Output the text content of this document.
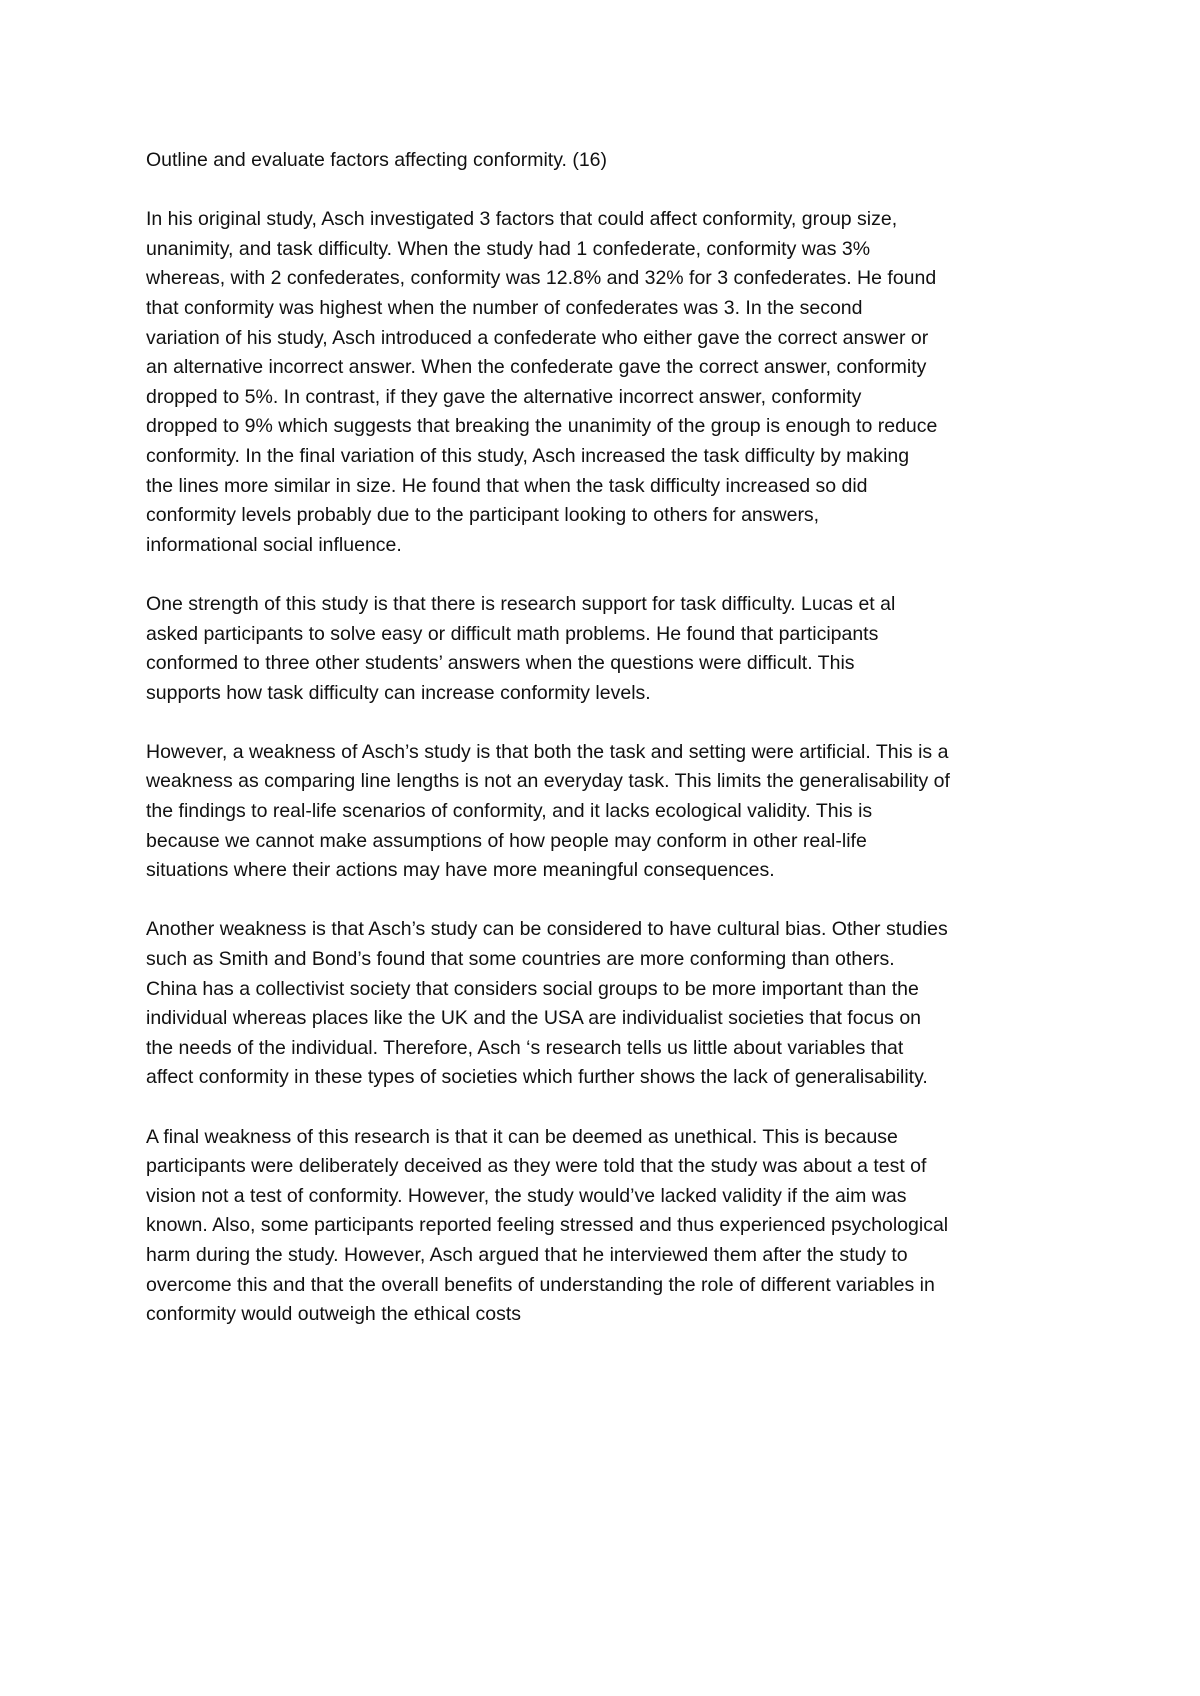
Outline and evaluate factors affecting conformity. (16)
In his original study, Asch investigated 3 factors that could affect conformity, group size,
unanimity, and task difficulty. When the study had 1 confederate, conformity was 3%
whereas, with 2 confederates, conformity was 12.8% and 32% for 3 confederates. He found
that conformity was highest when the number of confederates was 3. In the second
variation of his study, Asch introduced a confederate who either gave the correct answer or
an alternative incorrect answer. When the confederate gave the correct answer, conformity
dropped to 5%. In contrast, if they gave the alternative incorrect answer, conformity
dropped to 9% which suggests that breaking the unanimity of the group is enough to reduce
conformity. In the final variation of this study, Asch increased the task difficulty by making
the lines more similar in size. He found that when the task difficulty increased so did
conformity levels probably due to the participant looking to others for answers,
informational social influence.
One strength of this study is that there is research support for task difficulty. Lucas et al
asked participants to solve easy or difficult math problems. He found that participants
conformed to three other students’ answers when the questions were difficult. This
supports how task difficulty can increase conformity levels.
However, a weakness of Asch’s study is that both the task and setting were artificial. This is a
weakness as comparing line lengths is not an everyday task. This limits the generalisability of
the findings to real-life scenarios of conformity, and it lacks ecological validity. This is
because we cannot make assumptions of how people may conform in other real-life
situations where their actions may have more meaningful consequences.
Another weakness is that Asch’s study can be considered to have cultural bias. Other studies
such as Smith and Bond’s found that some countries are more conforming than others.
China has a collectivist society that considers social groups to be more important than the
individual whereas places like the UK and the USA are individualist societies that focus on
the needs of the individual. Therefore, Asch ‘s research tells us little about variables that
affect conformity in these types of societies which further shows the lack of generalisability.
A final weakness of this research is that it can be deemed as unethical. This is because
participants were deliberately deceived as they were told that the study was about a test of
vision not a test of conformity. However, the study would’ve lacked validity if the aim was
known. Also, some participants reported feeling stressed and thus experienced psychological
harm during the study. However, Asch argued that he interviewed them after the study to
overcome this and that the overall benefits of understanding the role of different variables in
conformity would outweigh the ethical costs
